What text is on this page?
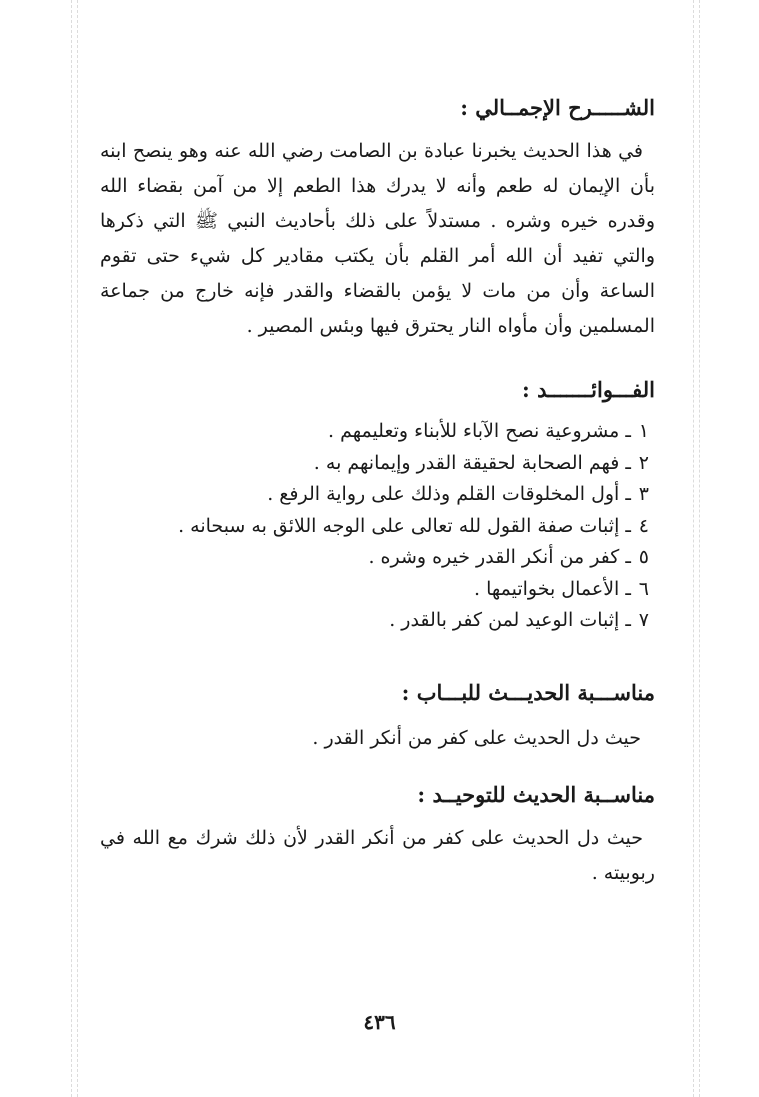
الشـــــرح الإجمــالي :

في هذا الحديث يخبرنا عبادة بن الصامت رضي الله عنه وهو ينصح ابنه بأن الإيمان له طعم وأنه لا يدرك هذا الطعم إلا من آمن بقضاء الله وقدره خيره وشره . مستدلاً على ذلك بأحاديث النبي ﷺ التي ذكرها والتي تفيد أن الله أمر القلم بأن يكتب مقادير كل شيء حتى تقوم الساعة وأن من مات لا يؤمن بالقضاء والقدر فإنه خارج من جماعة المسلمين وأن مأواه النار يحترق فيها وبئس المصير .

الفـــوائـــــــد :
١ ـ مشروعية نصح الآباء للأبناء وتعليمهم .
٢ ـ فهم الصحابة لحقيقة القدر وإيمانهم به .
٣ ـ أول المخلوقات القلم وذلك على رواية الرفع .
٤ ـ إثبات صفة القول لله تعالى على الوجه اللائق به سبحانه .
٥ ـ كفر من أنكر القدر خيره وشره .
٦ ـ الأعمال بخواتيمها .
٧ ـ إثبات الوعيد لمن كفر بالقدر .
مناســـبة الحديـــث للبـــاب :

حيث دل الحديث على كفر من أنكر القدر .

مناســبة الحديث للتوحيــد :

حيث دل الحديث على كفر من أنكر القدر لأن ذلك شرك مع الله في ربوبيته .

٤٣٦
